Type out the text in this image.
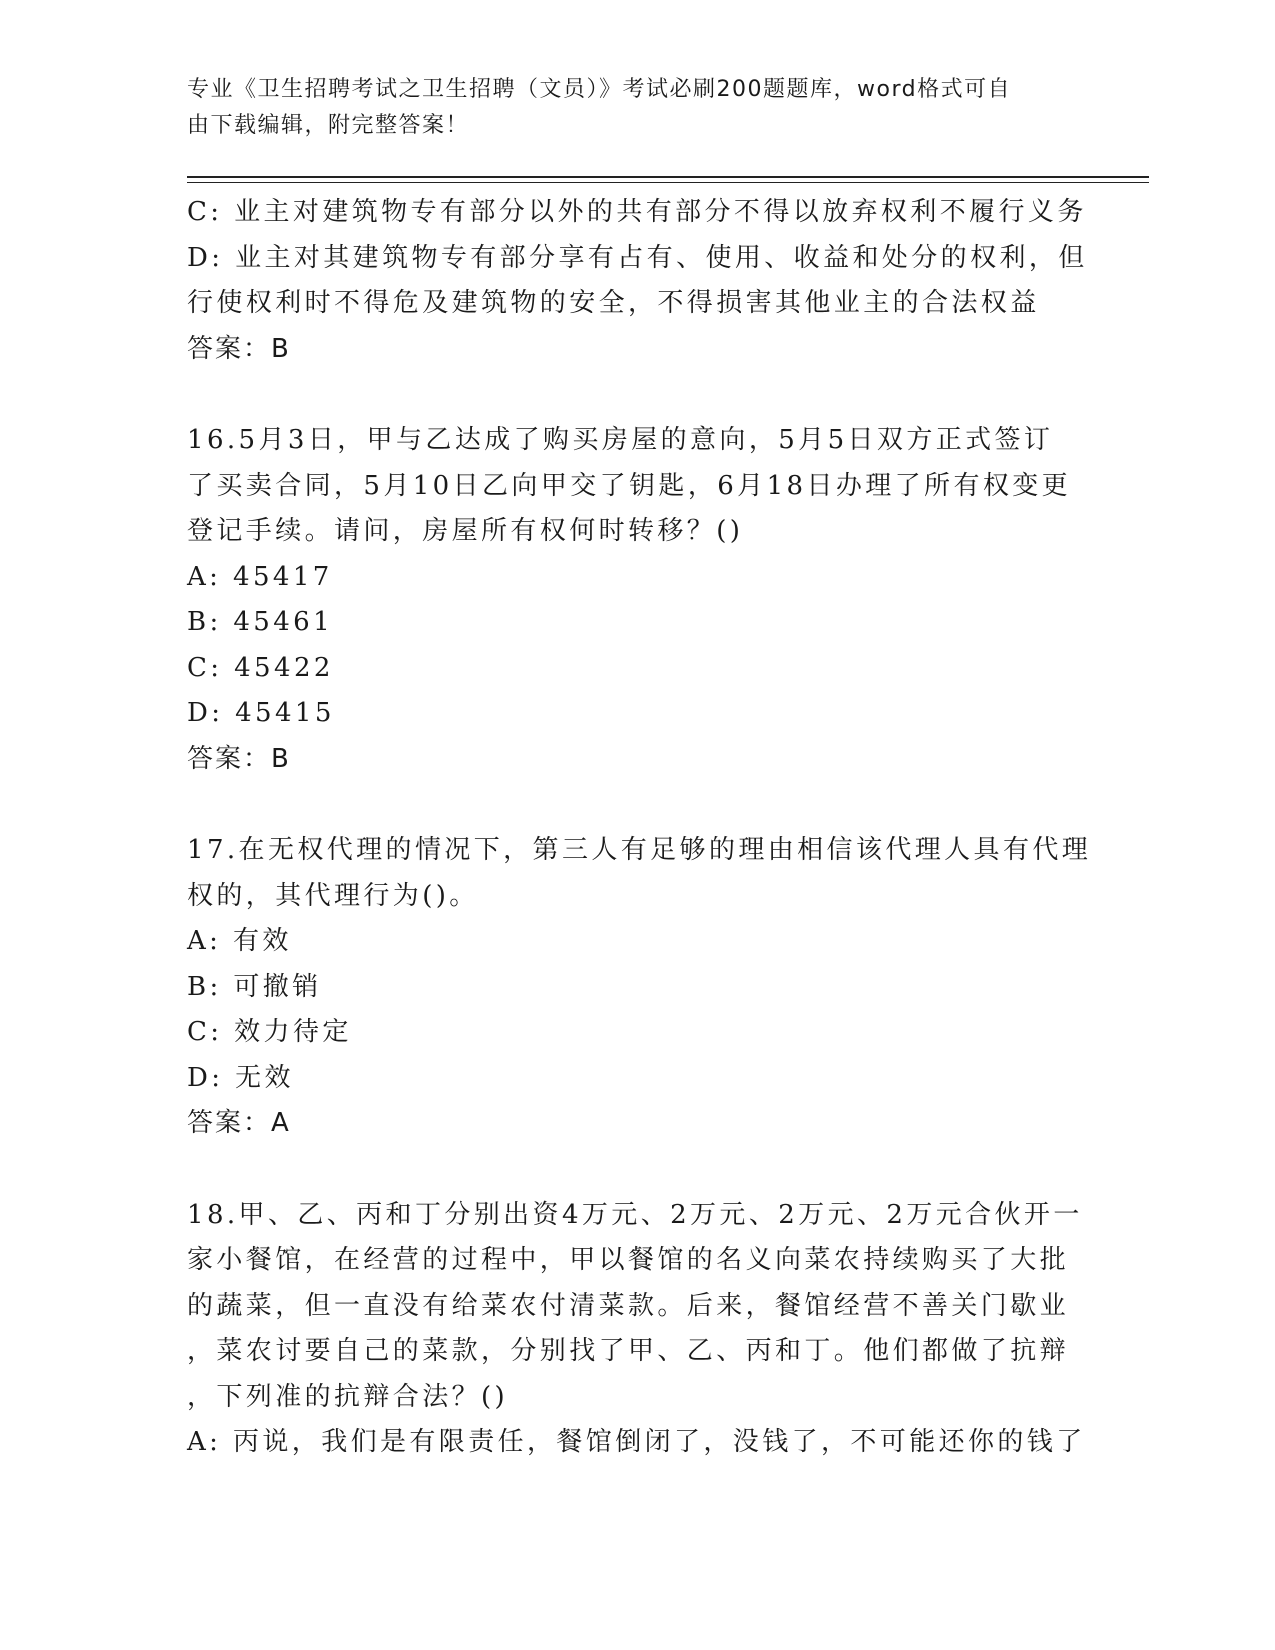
专业《卫生招聘考试之卫生招聘（文员）》考试必刷200题题库，word格式可自
由下载编辑，附完整答案！
C: 业主对建筑物专有部分以外的共有部分不得以放弃权利不履行义务
D: 业主对其建筑物专有部分享有占有、使用、收益和处分的权利，但
行使权利时不得危及建筑物的安全，不得损害其他业主的合法权益
答案：B
16.5月3日，甲与乙达成了购买房屋的意向，5月5日双方正式签订
了买卖合同，5月10日乙向甲交了钥匙，6月18日办理了所有权变更
登记手续。请问，房屋所有权何时转移？()
A: 45417
B: 45461
C: 45422
D: 45415
答案：B
17.在无权代理的情况下，第三人有足够的理由相信该代理人具有代理
权的，其代理行为()。
A: 有效
B: 可撤销
C: 效力待定
D: 无效
答案：A
18.甲、乙、丙和丁分别出资4万元、2万元、2万元、2万元合伙开一
家小餐馆，在经营的过程中，甲以餐馆的名义向菜农持续购买了大批
的蔬菜，但一直没有给菜农付清菜款。后来，餐馆经营不善关门歇业
，菜农讨要自己的菜款，分别找了甲、乙、丙和丁。他们都做了抗辩
，下列准的抗辩合法？()
A: 丙说，我们是有限责任，餐馆倒闭了，没钱了，不可能还你的钱了
